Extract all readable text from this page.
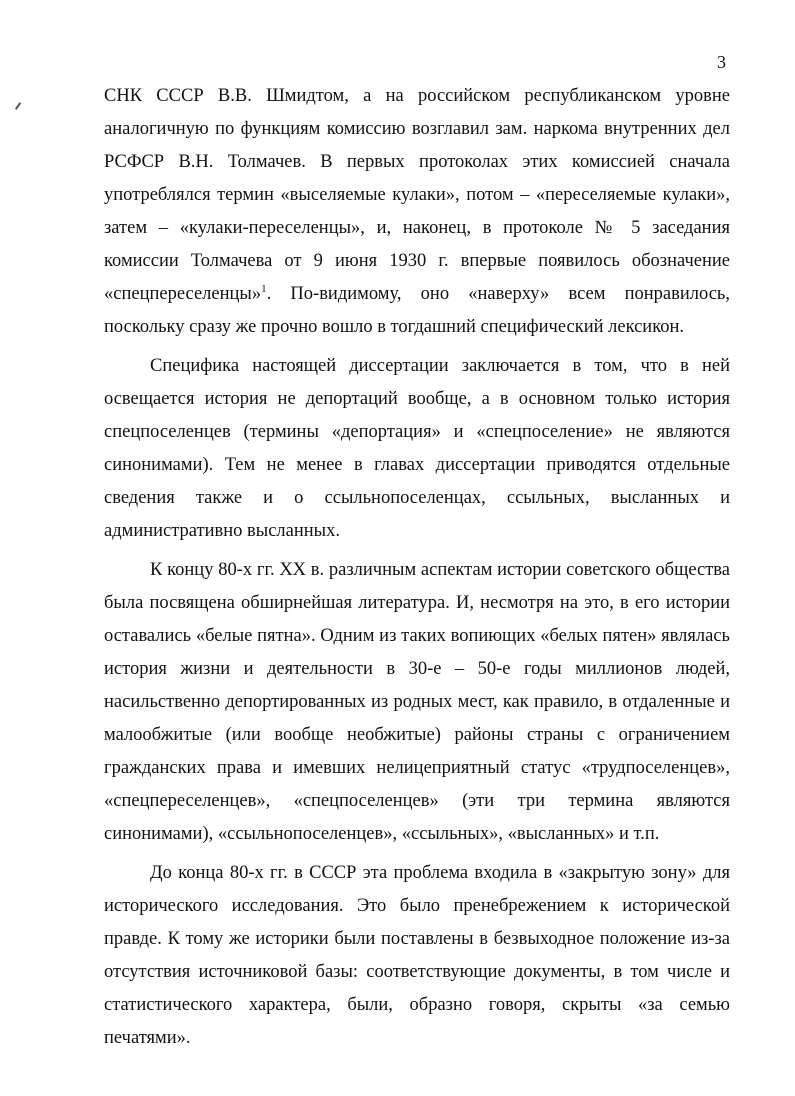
3

СНК СССР В.В. Шмидтом, а на российском республиканском уровне аналогичную по функциям комиссию возглавил зам. наркома внутренних дел РСФСР В.Н. Толмачев. В первых протоколах этих комиссией сначала употреблялся термин «выселяемые кулаки», потом – «переселяемые кулаки», затем – «кулаки-переселенцы», и, наконец, в протоколе № 5 заседания комиссии Толмачева от 9 июня 1930 г. впервые появилось обозначение «спецпереселенцы»$^1$. По-видимому, оно «наверху» всем понравилось, поскольку сразу же прочно вошло в тогдашний специфический лексикон.

Специфика настоящей диссертации заключается в том, что в ней освещается история не депортаций вообще, а в основном только история спецпоселенцев (термины «депортация» и «спецпоселение» не являются синонимами). Тем не менее в главах диссертации приводятся отдельные сведения также и о ссыльнопоселенцах, ссыльных, высланных и административно высланных.

К концу 80-х гг. XX в. различным аспектам истории советского общества была посвящена обширнейшая литература. И, несмотря на это, в его истории оставались «белые пятна». Одним из таких вопиющих «белых пятен» являлась история жизни и деятельности в 30-е – 50-е годы миллионов людей, насильственно депортированных из родных мест, как правило, в отдаленные и малообжитые (или вообще необжитые) районы страны с ограничением гражданских права и имевших нелицеприятный статус «трудпоселенцев», «спецпереселенцев», «спецпоселенцев» (эти три термина являются синонимами), «ссыльнопоселенцев», «ссыльных», «высланных» и т.п.

До конца 80-х гг. в СССР эта проблема входила в «закрытую зону» для исторического исследования. Это было пренебрежением к исторической правде. К тому же историки были поставлены в безвыходное положение из-за отсутствия источниковой базы: соответствующие документы, в том числе и статистического характера, были, образно говоря, скрыты «за семью печатями».
